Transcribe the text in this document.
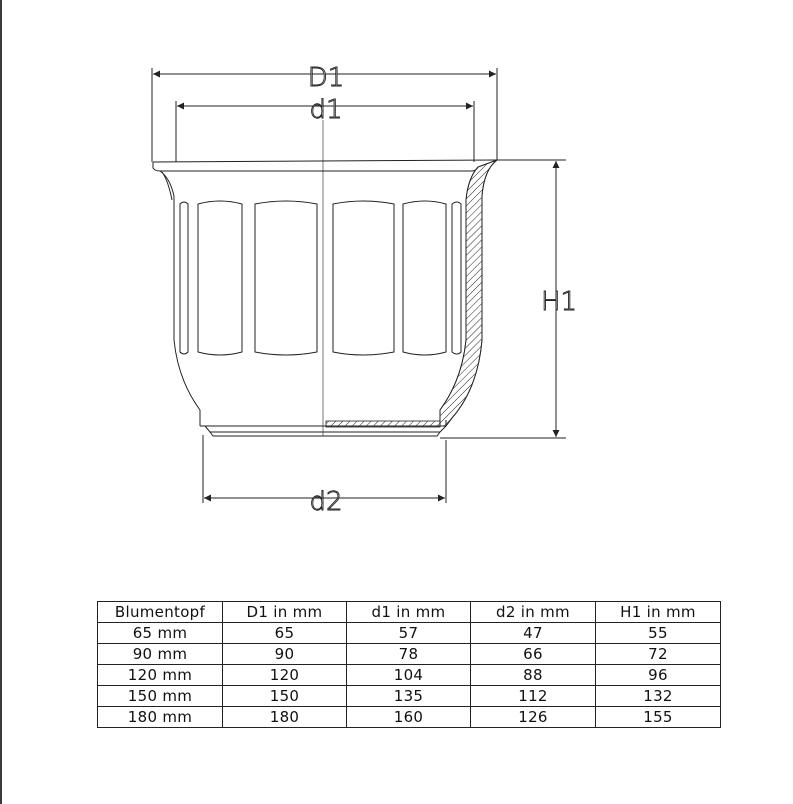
D1
d1
d2
H1
Blumentopf	D1 in mm	d1 in mm	d2 in mm	H1 in mm
65 mm	65	57	47	55
90 mm	90	78	66	72
120 mm	120	104	88	96
150 mm	150	135	112	132
180 mm	180	160	126	155
